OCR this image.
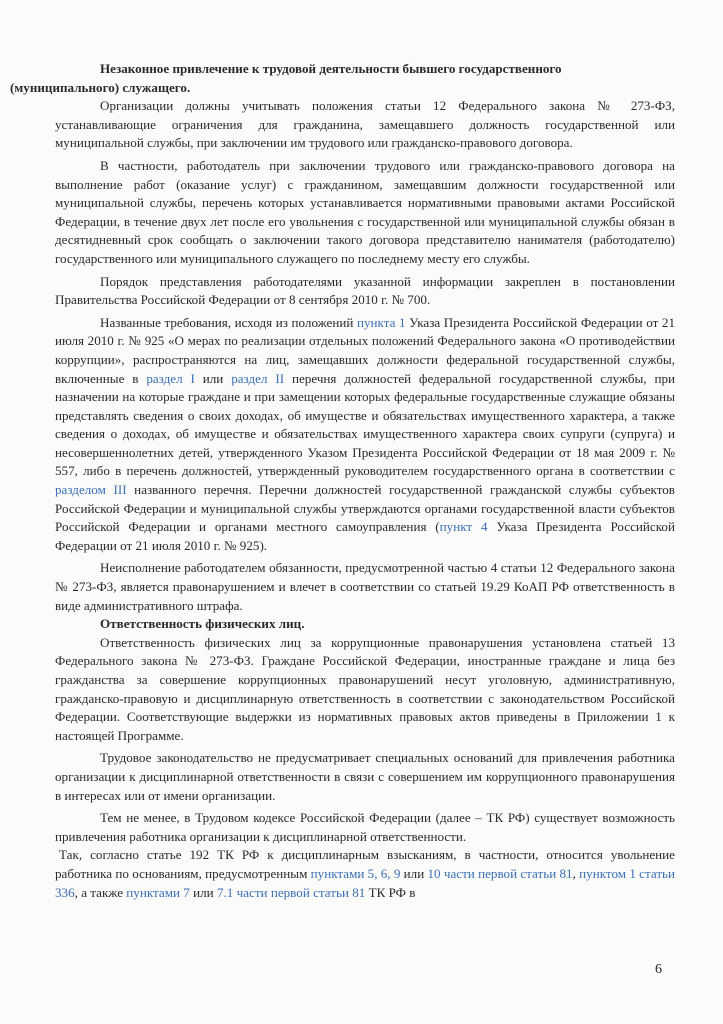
Незаконное привлечение к трудовой деятельности бывшего государственного
(муниципального) служащего.

Организации должны учитывать положения статьи 12 Федерального закона № 273-ФЗ, устанавливающие ограничения для гражданина, замещавшего должность государственной или муниципальной службы, при заключении им трудового или гражданско-правового договора.

В частности, работодатель при заключении трудового или гражданско-правового договора на выполнение работ (оказание услуг) с гражданином, замещавшим должности государственной или муниципальной службы, перечень которых устанавливается нормативными правовыми актами Российской Федерации, в течение двух лет после его увольнения с государственной или муниципальной службы обязан в десятидневный срок сообщать о заключении такого договора представителю нанимателя (работодателю) государственного или муниципального служащего по последнему месту его службы.

Порядок представления работодателями указанной информации закреплен в постановлении Правительства Российской Федерации от 8 сентября 2010 г. № 700.

Названные требования, исходя из положений пункта 1 Указа Президента Российской Федерации от 21 июля 2010 г. № 925 «О мерах по реализации отдельных положений Федерального закона «О противодействии коррупции», распространяются на лиц, замещавших должности федеральной государственной службы, включенные в раздел I или раздел II перечня должностей федеральной государственной службы, при назначении на которые граждане и при замещении которых федеральные государственные служащие обязаны представлять сведения о своих доходах, об имуществе и обязательствах имущественного характера, а также сведения о доходах, об имуществе и обязательствах имущественного характера своих супруги (супруга) и несовершеннолетних детей, утвержденного Указом Президента Российской Федерации от 18 мая 2009 г. № 557, либо в перечень должностей, утвержденный руководителем государственного органа в соответствии с разделом III названного перечня. Перечни должностей государственной гражданской службы субъектов Российской Федерации и муниципальной службы утверждаются органами государственной власти субъектов Российской Федерации и органами местного самоуправления (пункт 4 Указа Президента Российской Федерации от 21 июля 2010 г. № 925).

Неисполнение работодателем обязанности, предусмотренной частью 4 статьи 12 Федерального закона № 273-ФЗ, является правонарушением и влечет в соответствии со статьей 19.29 КоАП РФ ответственность в виде административного штрафа.

Ответственность физических лиц.

Ответственность физических лиц за коррупционные правонарушения установлена статьей 13 Федерального закона № 273-ФЗ. Граждане Российской Федерации, иностранные граждане и лица без гражданства за совершение коррупционных правонарушений несут уголовную, административную, гражданско-правовую и дисциплинарную ответственность в соответствии с законодательством Российской Федерации. Соответствующие выдержки из нормативных правовых актов приведены в Приложении 1 к настоящей Программе.

Трудовое законодательство не предусматривает специальных оснований для привлечения работника организации к дисциплинарной ответственности в связи с совершением им коррупционного правонарушения в интересах или от имени организации.

Тем не менее, в Трудовом кодексе Российской Федерации (далее – ТК РФ) существует возможность привлечения работника организации к дисциплинарной ответственности.

Так, согласно статье 192 ТК РФ к дисциплинарным взысканиям, в частности, относится увольнение работника по основаниям, предусмотренным пунктами 5, 6, 9 или 10 части первой статьи 81, пунктом 1 статьи 336, а также пунктами 7 или 7.1 части первой статьи 81 ТК РФ в

6
